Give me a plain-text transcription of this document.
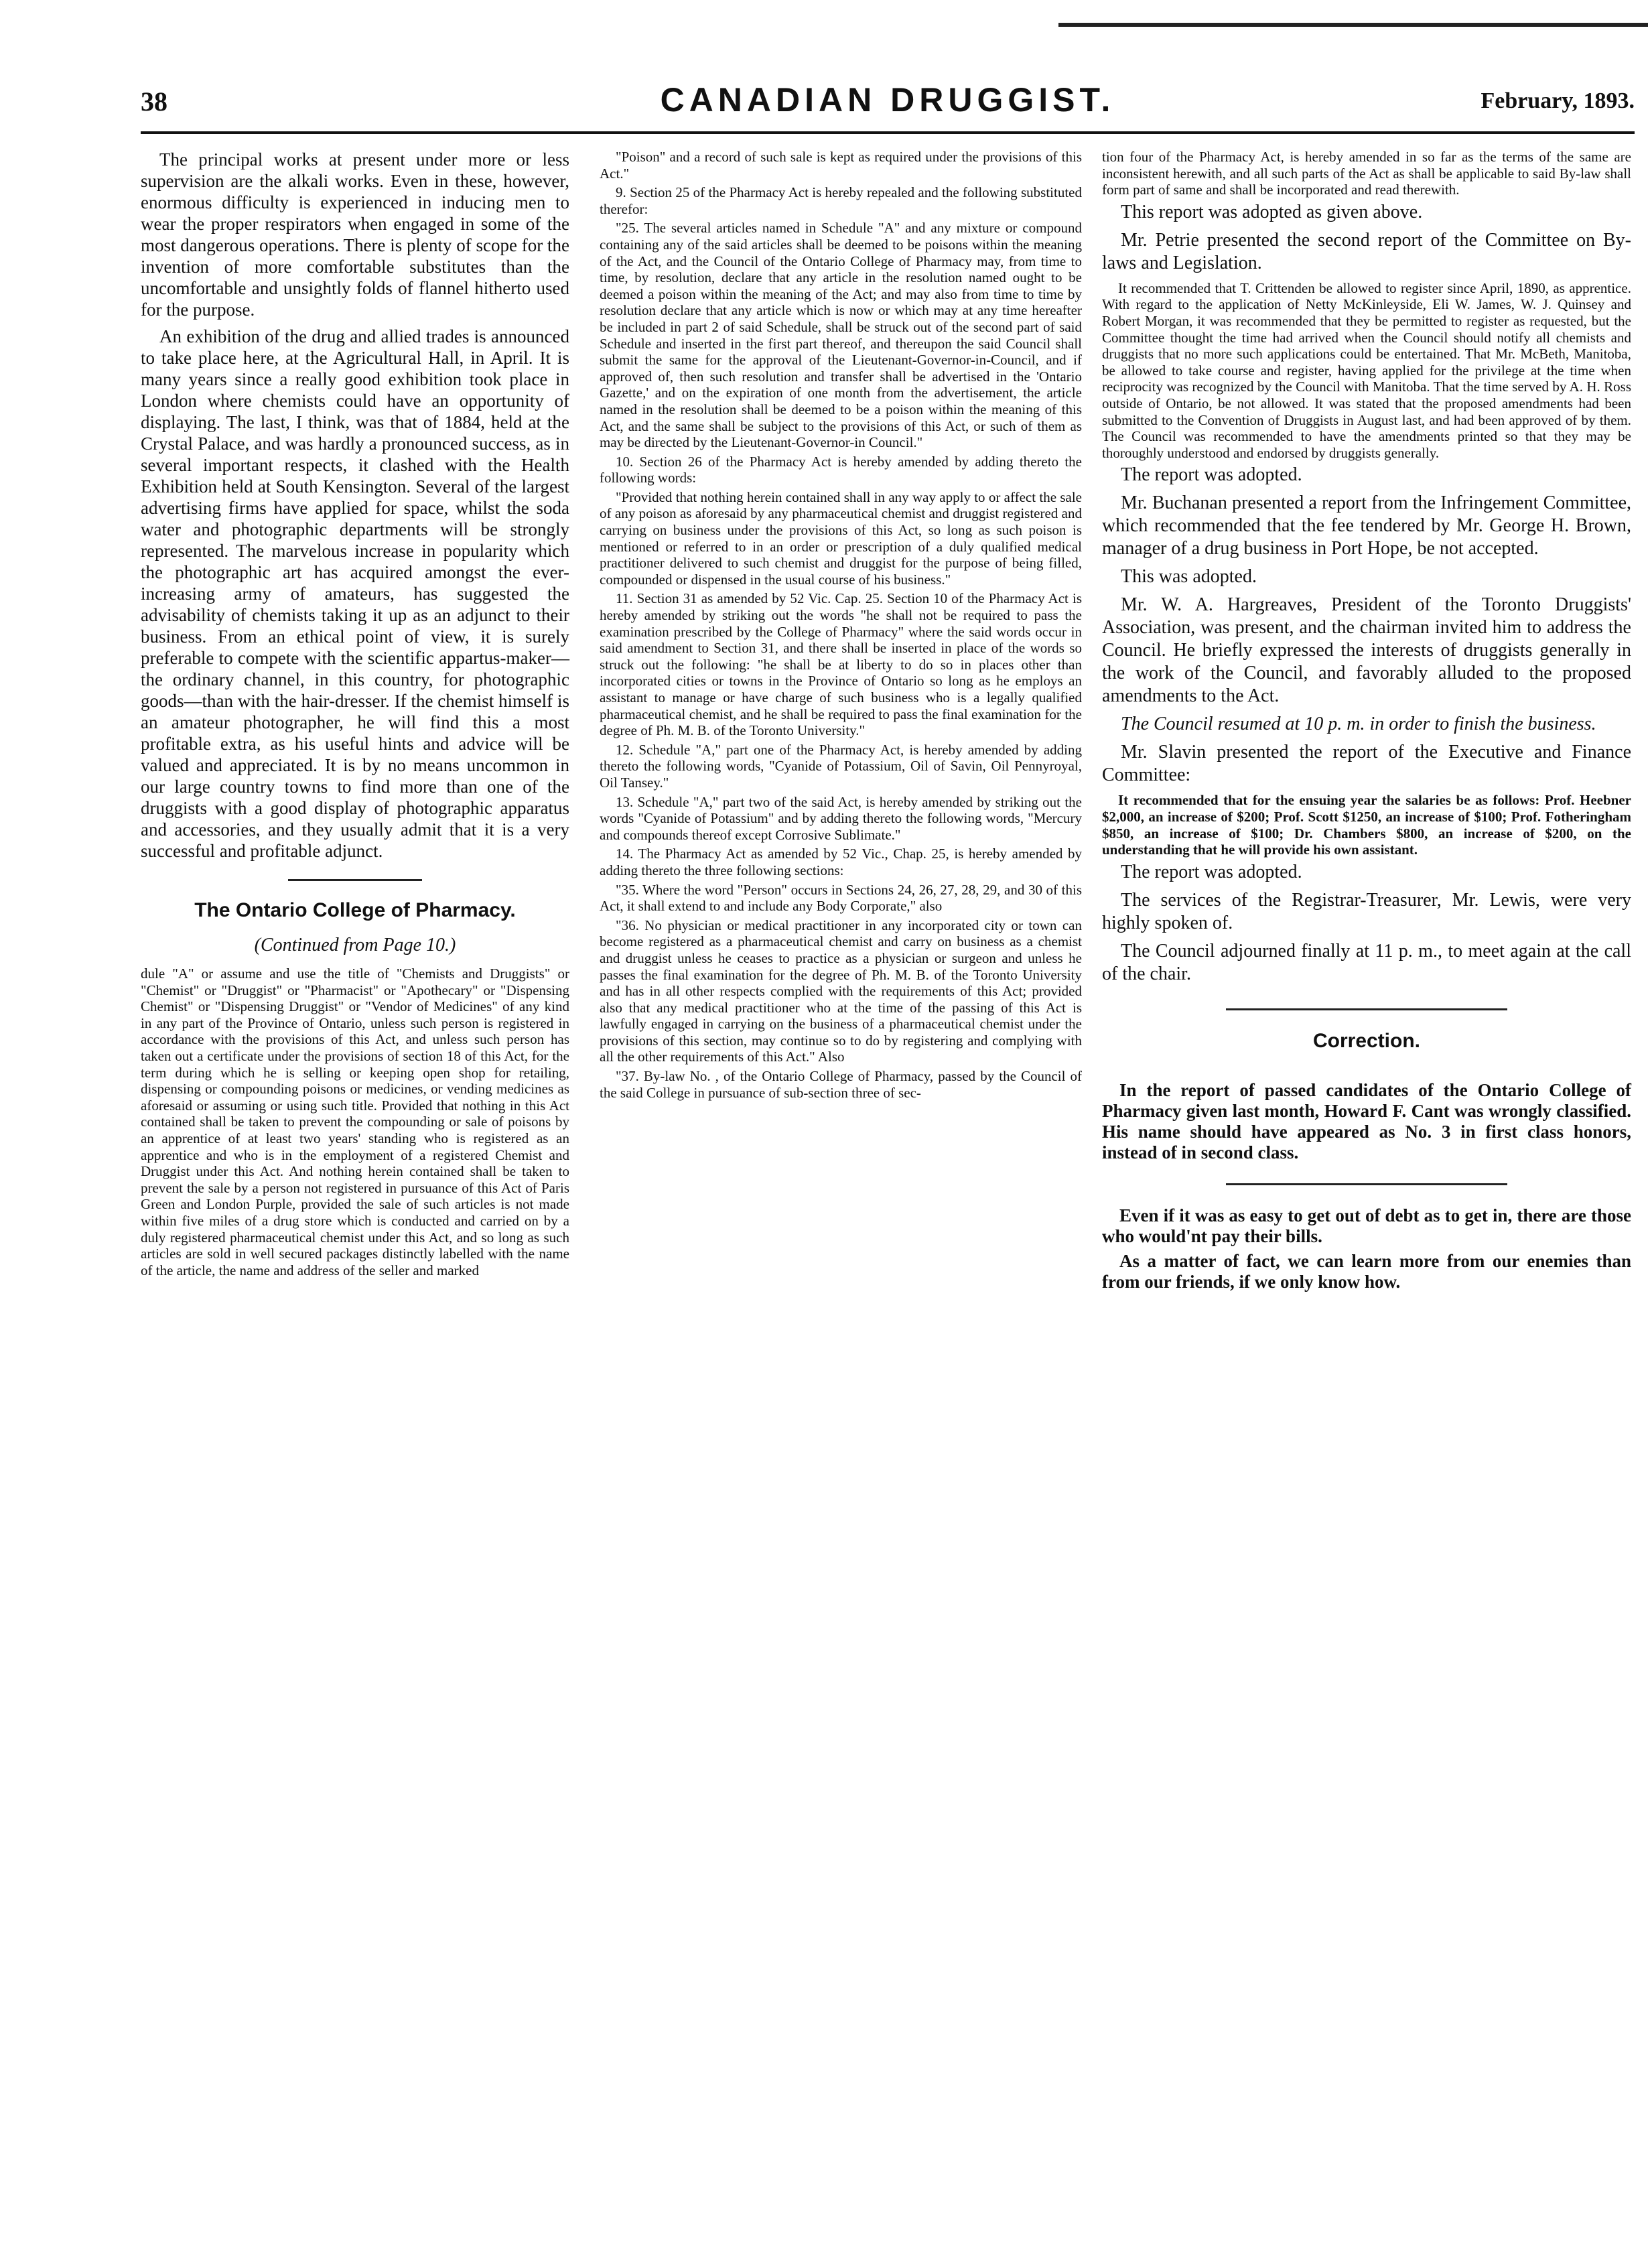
38	CANADIAN DRUGGIST.	February, 1893.

The principal works at present under more or less supervision are the alkali works. Even in these, however, enormous difficulty is experienced in inducing men to wear the proper respirators when engaged in some of the most dangerous operations. There is plenty of scope for the invention of more comfortable substitutes than the uncomfortable and unsightly folds of flannel hitherto used for the purpose.

An exhibition of the drug and allied trades is announced to take place here, at the Agricultural Hall, in April. It is many years since a really good exhibition took place in London where chemists could have an opportunity of displaying. The last, I think, was that of 1884, held at the Crystal Palace, and was hardly a pronounced success, as in several important respects, it clashed with the Health Exhibition held at South Kensington. Several of the largest advertising firms have applied for space, whilst the soda water and photographic departments will be strongly represented. The marvelous increase in popularity which the photographic art has acquired amongst the ever-increasing army of amateurs, has suggested the advisability of chemists taking it up as an adjunct to their business. From an ethical point of view, it is surely preferable to compete with the scientific appartus-maker—the ordinary channel, in this country, for photographic goods—than with the hair-dresser. If the chemist himself is an amateur photographer, he will find this a most profitable extra, as his useful hints and advice will be valued and appreciated. It is by no means uncommon in our large country towns to find more than one of the druggists with a good display of photographic apparatus and accessories, and they usually admit that it is a very successful and profitable adjunct.

The Ontario College of Pharmacy.
(Continued from Page 10.)

dule "A" or assume and use the title of "Chemists and Druggists" or "Chemist" or "Druggist" or "Pharmacist" or "Apothecary" or "Dispensing Chemist" or "Dispensing Druggist" or "Vendor of Medicines" of any kind in any part of the Province of Ontario, unless such person is registered in accordance with the provisions of this Act, and unless such person has taken out a certificate under the provisions of section 18 of this Act, for the term during which he is selling or keeping open shop for retailing, dispensing or compounding poisons or medicines, or vending medicines as aforesaid or assuming or using such title. Provided that nothing in this Act contained shall be taken to prevent the compounding or sale of poisons by an apprentice of at least two years' standing who is registered as an apprentice and who is in the employment of a registered Chemist and Druggist under this Act. And nothing herein contained shall be taken to prevent the sale by a person not registered in pursuance of this Act of Paris Green and London Purple, provided the sale of such articles is not made within five miles of a drug store which is conducted and carried on by a duly registered pharmaceutical chemist under this Act, and so long as such articles are sold in well secured packages distinctly labelled with the name of the article, the name and address of the seller and marked

"Poison" and a record of such sale is kept as required under the provisions of this Act."

9. Section 25 of the Pharmacy Act is hereby repealed and the following substituted therefor:

"25. The several articles named in Schedule "A" and any mixture or compound containing any of the said articles shall be deemed to be poisons within the meaning of the Act, and the Council of the Ontario College of Pharmacy may, from time to time, by resolution, declare that any article in the resolution named ought to be deemed a poison within the meaning of the Act; and may also from time to time by resolution declare that any article which is now or which may at any time hereafter be included in part 2 of said Schedule, shall be struck out of the second part of said Schedule and inserted in the first part thereof, and thereupon the said Council shall submit the same for the approval of the Lieutenant-Governor-in-Council, and if approved of, then such resolution and transfer shall be advertised in the 'Ontario Gazette,' and on the expiration of one month from the advertisement, the article named in the resolution shall be deemed to be a poison within the meaning of this Act, and the same shall be subject to the provisions of this Act, or such of them as may be directed by the Lieutenant-Governor-in Council."

10. Section 26 of the Pharmacy Act is hereby amended by adding thereto the following words:

"Provided that nothing herein contained shall in any way apply to or affect the sale of any poison as aforesaid by any pharmaceutical chemist and druggist registered and carrying on business under the provisions of this Act, so long as such poison is mentioned or referred to in an order or prescription of a duly qualified medical practitioner delivered to such chemist and druggist for the purpose of being filled, compounded or dispensed in the usual course of his business."

11. Section 31 as amended by 52 Vic. Cap. 25. Section 10 of the Pharmacy Act is hereby amended by striking out the words "he shall not be required to pass the examination prescribed by the College of Pharmacy" where the said words occur in said amendment to Section 31, and there shall be inserted in place of the words so struck out the following: "he shall be at liberty to do so in places other than incorporated cities or towns in the Province of Ontario so long as he employs an assistant to manage or have charge of such business who is a legally qualified pharmaceutical chemist, and he shall be required to pass the final examination for the degree of Ph. M. B. of the Toronto University."

12. Schedule "A," part one of the Pharmacy Act, is hereby amended by adding thereto the following words, "Cyanide of Potassium, Oil of Savin, Oil Pennyroyal, Oil Tansey."

13. Schedule "A," part two of the said Act, is hereby amended by striking out the words "Cyanide of Potassium" and by adding thereto the following words, "Mercury and compounds thereof except Corrosive Sublimate."

14. The Pharmacy Act as amended by 52 Vic., Chap. 25, is hereby amended by adding thereto the three following sections:

"35. Where the word "Person" occurs in Sections 24, 26, 27, 28, 29, and 30 of this Act, it shall extend to and include any Body Corporate," also

"36. No physician or medical practitioner in any incorporated city or town can become registered as a pharmaceutical chemist and carry on business as a chemist and druggist unless he ceases to practice as a physician or surgeon and unless he passes the final examination for the degree of Ph. M. B. of the Toronto University and has in all other respects complied with the requirements of this Act; provided also that any medical practitioner who at the time of the passing of this Act is lawfully engaged in carrying on the business of a pharmaceutical chemist under the provisions of this section, may continue so to do by registering and complying with all the other requirements of this Act." Also

"37. By-law No. , of the Ontario College of Pharmacy, passed by the Council of the said College in pursuance of sub-section three of sec-

tion four of the Pharmacy Act, is hereby amended in so far as the terms of the same are inconsistent herewith, and all such parts of the Act as shall be applicable to said By-law shall form part of same and shall be incorporated and read therewith.

This report was adopted as given above.

Mr. Petrie presented the second report of the Committee on By-laws and Legislation.

It recommended that T. Crittenden be allowed to register since April, 1890, as apprentice. With regard to the application of Netty McKinleyside, Eli W. James, W. J. Quinsey and Robert Morgan, it was recommended that they be permitted to register as requested, but the Committee thought the time had arrived when the Council should notify all chemists and druggists that no more such applications could be entertained. That Mr. McBeth, Manitoba, be allowed to take course and register, having applied for the privilege at the time when reciprocity was recognized by the Council with Manitoba. That the time served by A. H. Ross outside of Ontario, be not allowed. It was stated that the proposed amendments had been submitted to the Convention of Druggists in August last, and had been approved of by them. The Council was recommended to have the amendments printed so that they may be thoroughly understood and endorsed by druggists generally.

The report was adopted.

Mr. Buchanan presented a report from the Infringement Committee, which recommended that the fee tendered by Mr. George H. Brown, manager of a drug business in Port Hope, be not accepted.

This was adopted.

Mr. W. A. Hargreaves, President of the Toronto Druggists' Association, was present, and the chairman invited him to address the Council. He briefly expressed the interests of druggists generally in the work of the Council, and favorably alluded to the proposed amendments to the Act.

The Council resumed at 10 p. m. in order to finish the business.

Mr. Slavin presented the report of the Executive and Finance Committee:

It recommended that for the ensuing year the salaries be as follows: Prof. Heebner $2,000, an increase of $200; Prof. Scott $1250, an increase of $100; Prof. Fotheringham $850, an increase of $100; Dr. Chambers $800, an increase of $200, on the understanding that he will provide his own assistant.

The report was adopted.

The services of the Registrar-Treasurer, Mr. Lewis, were very highly spoken of.

The Council adjourned finally at 11 p. m., to meet again at the call of the chair.

Correction.

In the report of passed candidates of the Ontario College of Pharmacy given last month, Howard F. Cant was wrongly classified. His name should have appeared as No. 3 in first class honors, instead of in second class.

Even if it was as easy to get out of debt as to get in, there are those who would'nt pay their bills.

As a matter of fact, we can learn more from our enemies than from our friends, if we only know how.
